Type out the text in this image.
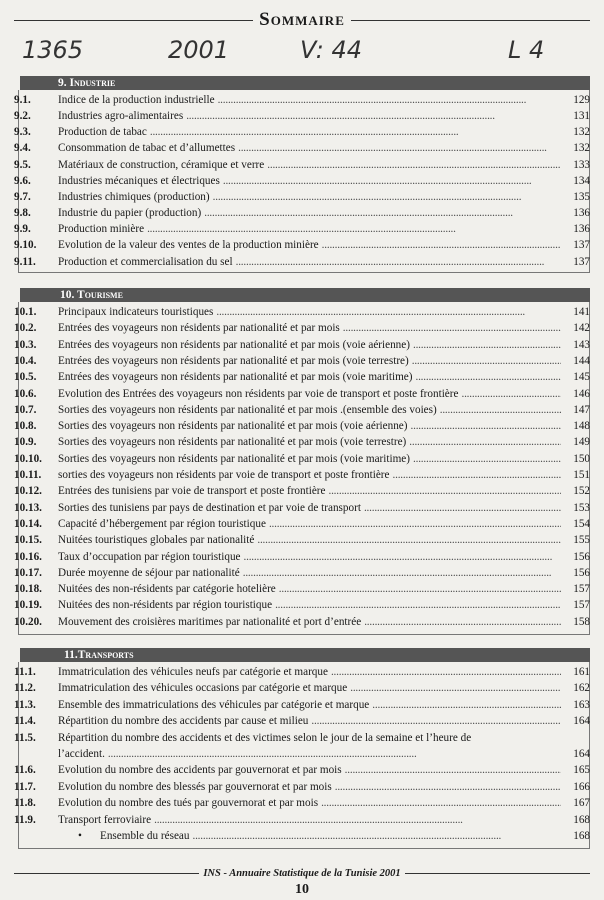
Sommaire
1365	2001	V: 44	L 4
9. Industrie
9.1.	Indice de la production industrielle . . .	129
9.2.	Industries agro-alimentaires . . .	131
9.3.	Production de tabac . . .	132
9.4.	Consommation de tabac et d’allumettes . . .	132
9.5.	Matériaux de construction, céramique et verre . . .	133
9.6.	Industries mécaniques et électriques . . .	134
9.7.	Industries chimiques (production) . . .	135
9.8.	Industrie du papier (production) . . .	136
9.9.	Production minière . . .	136
9.10.	Evolution de la valeur des ventes de la production minière . . .	137
9.11.	Production et commercialisation du sel . . .	137
10. Tourisme
10.1.	Principaux indicateurs touristiques . . .	141
10.2.	Entrées des voyageurs non résidents par nationalité et par mois . . .	142
10.3.	Entrées des voyageurs non résidents par nationalité et par mois (voie aérienne) . . .	143
10.4.	Entrées des voyageurs non résidents par nationalité et par mois (voie terrestre) . . .	144
10.5.	Entrées des voyageurs non résidents par nationalité et par mois (voie maritime) . . .	145
10.6.	Evolution des Entrées des voyageurs non résidents par voie de transport et poste frontière . . .	146
10.7.	Sorties des voyageurs non résidents par nationalité et par mois .(ensemble des voies) . . .	147
10.8.	Sorties des voyageurs non résidents par nationalité et par mois (voie aérienne) . . .	148
10.9.	Sorties des voyageurs non résidents par nationalité et par mois (voie terrestre) . . .	149
10.10.	Sorties des voyageurs non résidents par nationalité et par mois (voie maritime) . . .	150
10.11.	sorties des voyageurs non résidents par voie de transport et poste frontière . . .	151
10.12.	Entrées des tunisiens par voie de transport et poste frontière . . .	152
10.13.	Sorties des tunisiens par pays de destination et par voie de transport . . .	153
10.14.	Capacité d’hébergement par région touristique . . .	154
10.15.	Nuitées touristiques globales par nationalité . . .	155
10.16.	Taux d’occupation par région touristique . . .	156
10.17.	Durée moyenne de séjour par nationalité . . .	156
10.18.	Nuitées des non-résidents par catégorie hotelière . . .	157
10.19.	Nuitées des non-résidents par région touristique . . .	157
10.20.	Mouvement des croisières maritimes par nationalité et port d’entrée . . .	158
11.Transports
11.1.	Immatriculation des véhicules neufs par catégorie et marque . . .	161
11.2.	Immatriculation des véhicules occasions par catégorie et marque . . .	162
11.3.	Ensemble des immatriculations des véhicules par catégorie et marque . . .	163
11.4.	Répartition du nombre des accidents par cause et milieu . . .	164
11.5.	Répartition du nombre des accidents et des victimes selon le jour de la semaine et l’heure de
l’accident. . . .	164
11.6.	Evolution du nombre des accidents par gouvernorat et par mois . . .	165
11.7.	Evolution du nombre des blessés par gouvernorat et par mois . . .	166
11.8.	Evolution du nombre des tués par gouvernorat et par mois . . .	167
11.9.	Transport ferroviaire . . .	168
• Ensemble du réseau . . .	168
INS - Annuaire Statistique de la Tunisie 2001
10
